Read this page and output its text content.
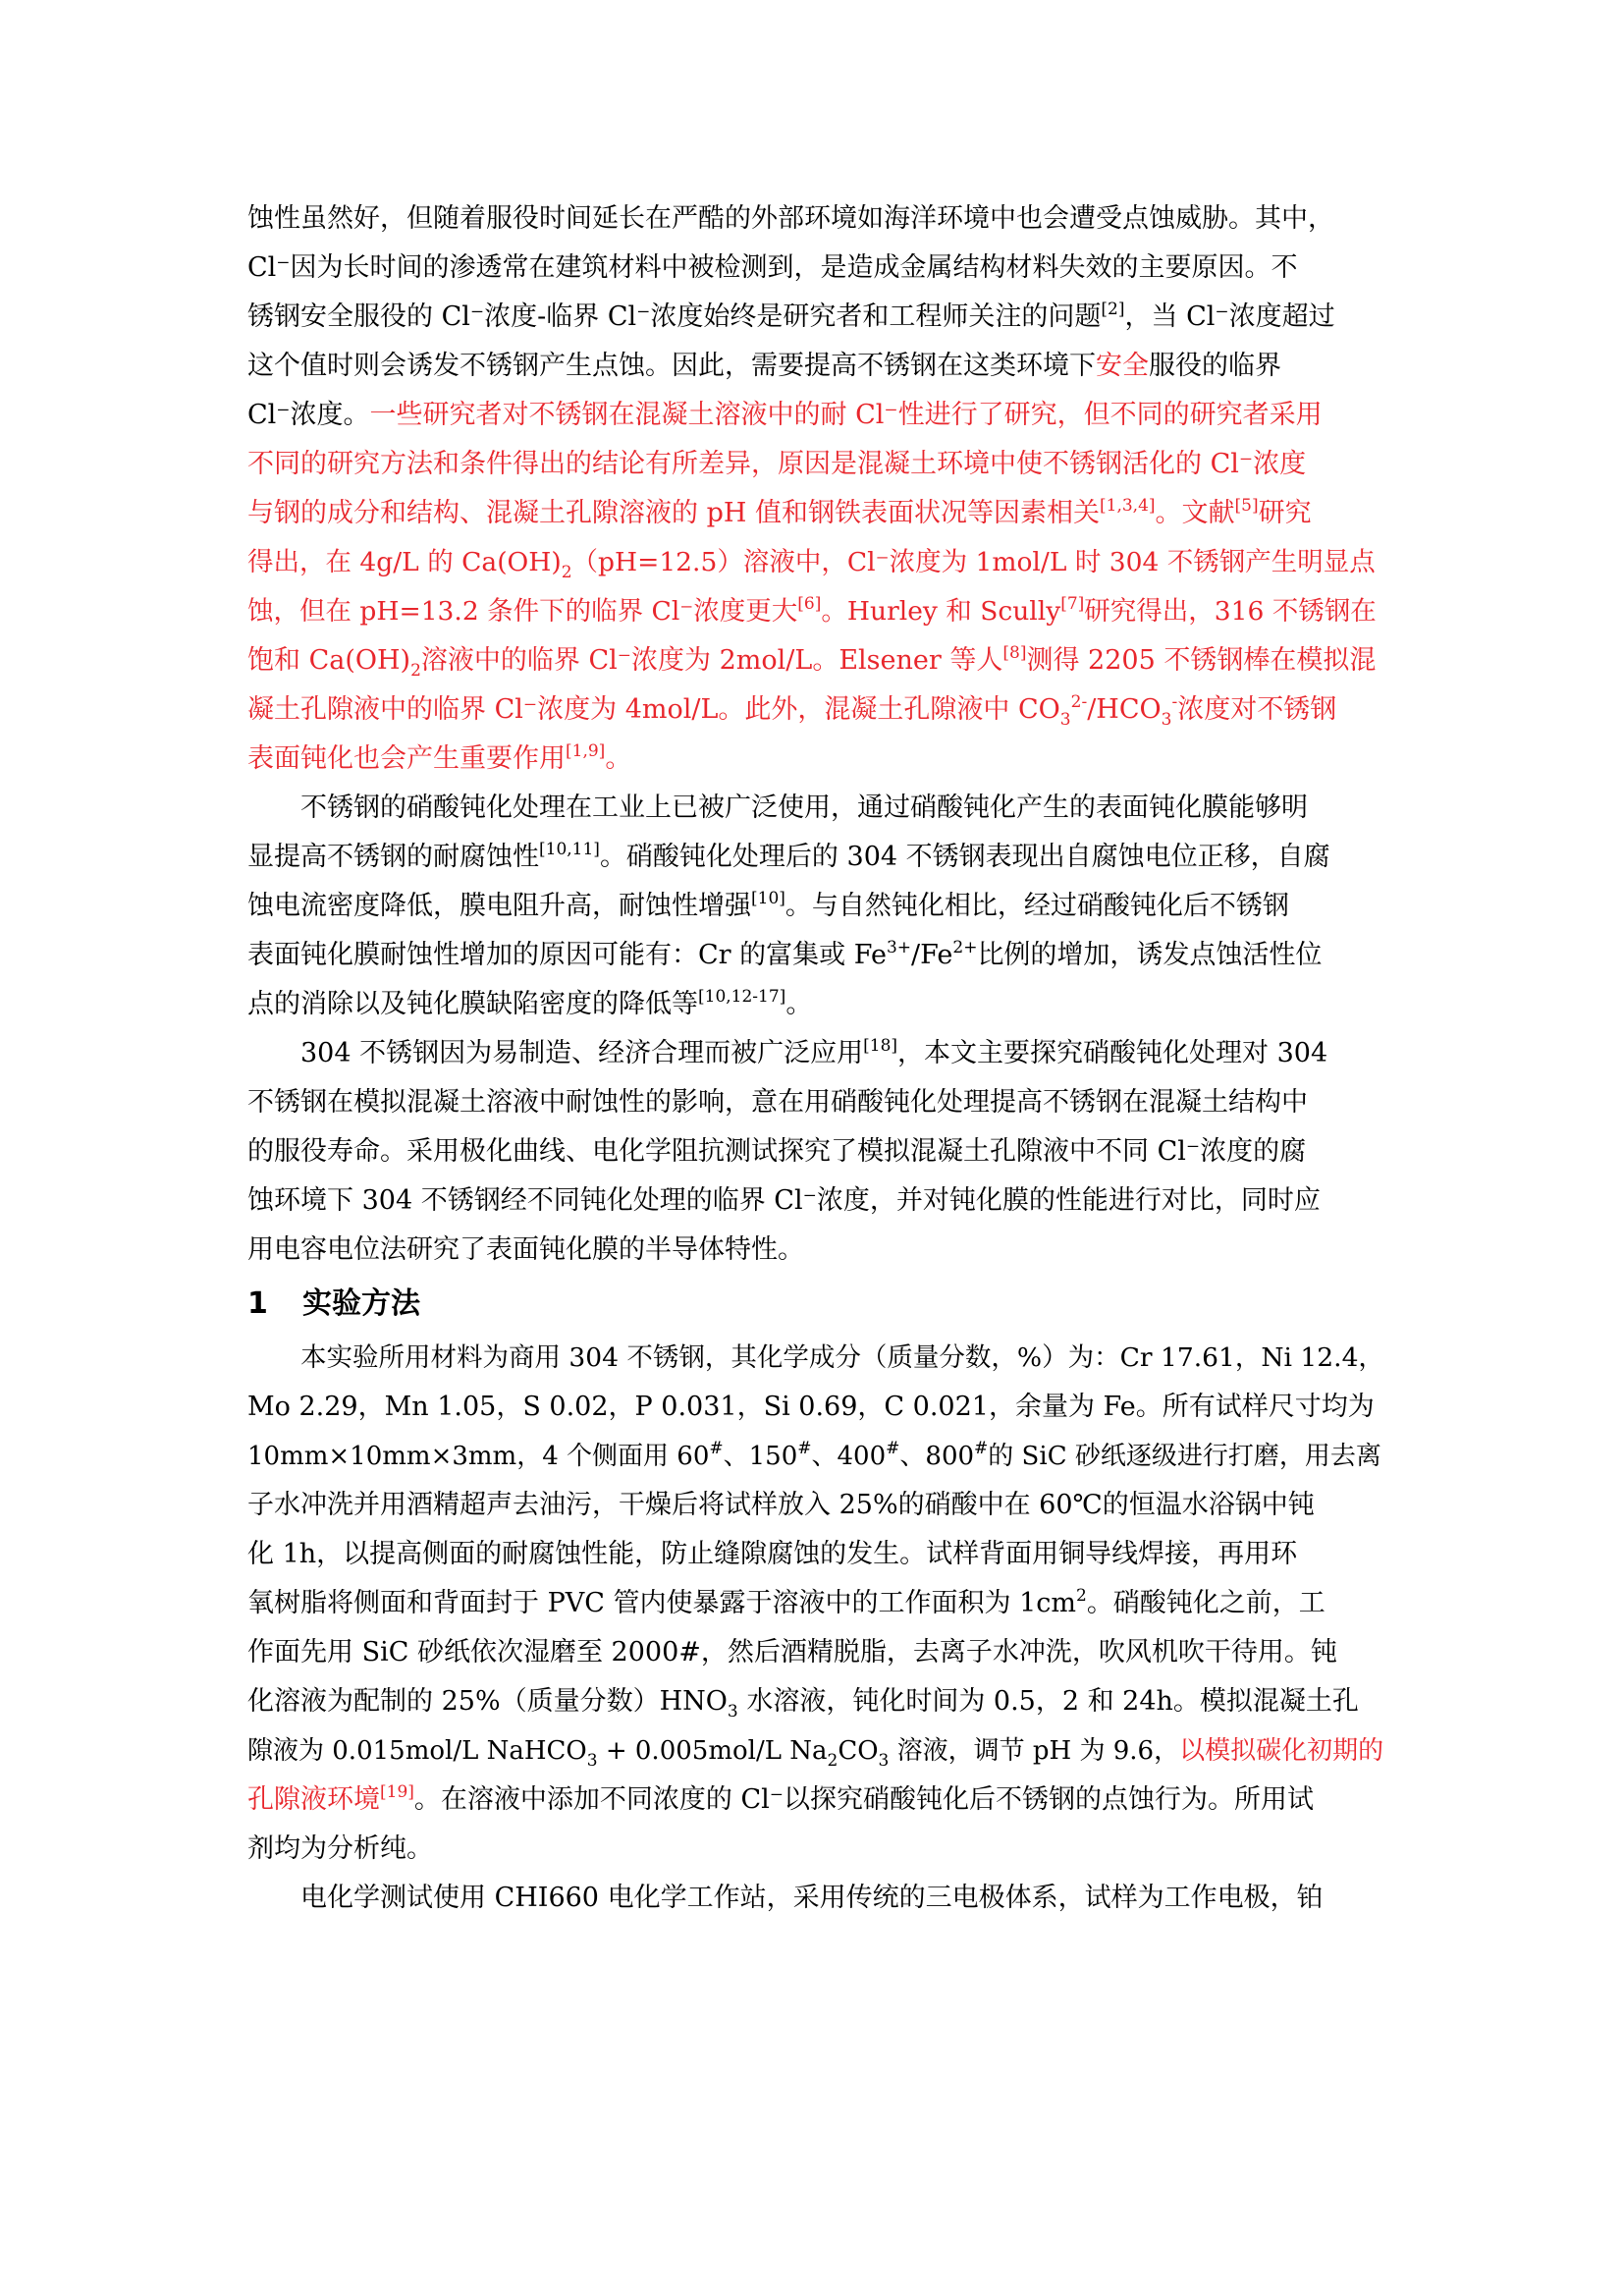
蚀性虽然好，但随着服役时间延长在严酷的外部环境如海洋环境中也会遭受点蚀威胁。其中，

Cl⁻因为长时间的渗透常在建筑材料中被检测到，是造成金属结构材料失效的主要原因。不

锈钢安全服役的 Cl⁻浓度-临界 Cl⁻浓度始终是研究者和工程师关注的问题[2]，当 Cl⁻浓度超过

这个值时则会诱发不锈钢产生点蚀。因此，需要提高不锈钢在这类环境下安全服役的临界

Cl⁻浓度。一些研究者对不锈钢在混凝土溶液中的耐 Cl⁻性进行了研究，但不同的研究者采用

不同的研究方法和条件得出的结论有所差异，原因是混凝土环境中使不锈钢活化的 Cl⁻浓度

与钢的成分和结构、混凝土孔隙溶液的 pH 值和钢铁表面状况等因素相关[1,3,4]。文献[5]研究

得出，在 4g/L 的 $Ca(OH)_2(pH=12.5)$溶液中，Cl⁻浓度为 1mol/L 时 304 不锈钢产生明显点

蚀，但在 pH=13.2 条件下的临界 Cl⁻浓度更大[6]。Hurley 和 Scully[7]研究得出，316 不锈钢在

饱和 $Ca(OH)_2$溶液中的临界 Cl⁻浓度为 2mol/L。Elsener 等人[8]测得 2205 不锈钢棒在模拟混

凝土孔隙液中的临界 Cl⁻浓度为 4mol/L。此外，混凝土孔隙液中 $CO_3^{2-}/HCO_3^-$浓度对不锈钢

表面钝化也会产生重要作用[1,9]。

不锈钢的硝酸钝化处理在工业上已被广泛使用，通过硝酸钝化产生的表面钝化膜能够明

显提高不锈钢的耐腐蚀性[10,11]。硝酸钝化处理后的 304 不锈钢表现出自腐蚀电位正移，自腐

蚀电流密度降低，膜电阻升高，耐蚀性增强[10]。与自然钝化相比，经过硝酸钝化后不锈钢

表面钝化膜耐蚀性增加的原因可能有：Cr 的富集或 $Fe^{3+}/Fe^{2+}$比例的增加，诱发点蚀活性位

点的消除以及钝化膜缺陷密度的降低等[10,12-17]。

304 不锈钢因为易制造、经济合理而被广泛应用[18]，本文主要探究硝酸钝化处理对 304

不锈钢在模拟混凝土溶液中耐蚀性的影响，意在用硝酸钝化处理提高不锈钢在混凝土结构中

的服役寿命。采用极化曲线、电化学阻抗测试探究了模拟混凝土孔隙液中不同 Cl⁻浓度的腐

蚀环境下 304 不锈钢经不同钝化处理的临界 Cl⁻浓度，并对钝化膜的性能进行对比，同时应

用电容电位法研究了表面钝化膜的半导体特性。

1 实验方法

本实验所用材料为商用 304 不锈钢，其化学成分（质量分数，%）为：Cr 17.61，Ni 12.4，

Mo 2.29，Mn 1.05，S 0.02，P 0.031，Si 0.69，C 0.021，余量为 Fe。所有试样尺寸均为

10mm×10mm×3mm，4 个侧面用 60#、150#、400#、800#的 SiC 砂纸逐级进行打磨，用去离

子水冲洗并用酒精超声去油污，干燥后将试样放入 25%的硝酸中在 60℃的恒温水浴锅中钝

化 1h，以提高侧面的耐腐蚀性能，防止缝隙腐蚀的发生。试样背面用铜导线焊接，再用环

氧树脂将侧面和背面封于 PVC 管内使暴露于溶液中的工作面积为 $1cm^2$。硝酸钝化之前，工

作面先用 SiC 砂纸依次湿磨至 2000#，然后酒精脱脂，去离子水冲洗，吹风机吹干待用。钝

化溶液为配制的 25%（质量分数）$HNO_3$ 水溶液，钝化时间为 0.5，2 和 24h。模拟混凝土孔

隙液为 0.015mol/L NaHCO$_3$ + 0.005mol/L $Na_2CO_3$ 溶液，调节 pH 为 9.6，以模拟碳化初期的

孔隙液环境[19]。在溶液中添加不同浓度的 Cl⁻以探究硝酸钝化后不锈钢的点蚀行为。所用试

剂均为分析纯。

电化学测试使用 CHI660 电化学工作站，采用传统的三电极体系，试样为工作电极，铂
